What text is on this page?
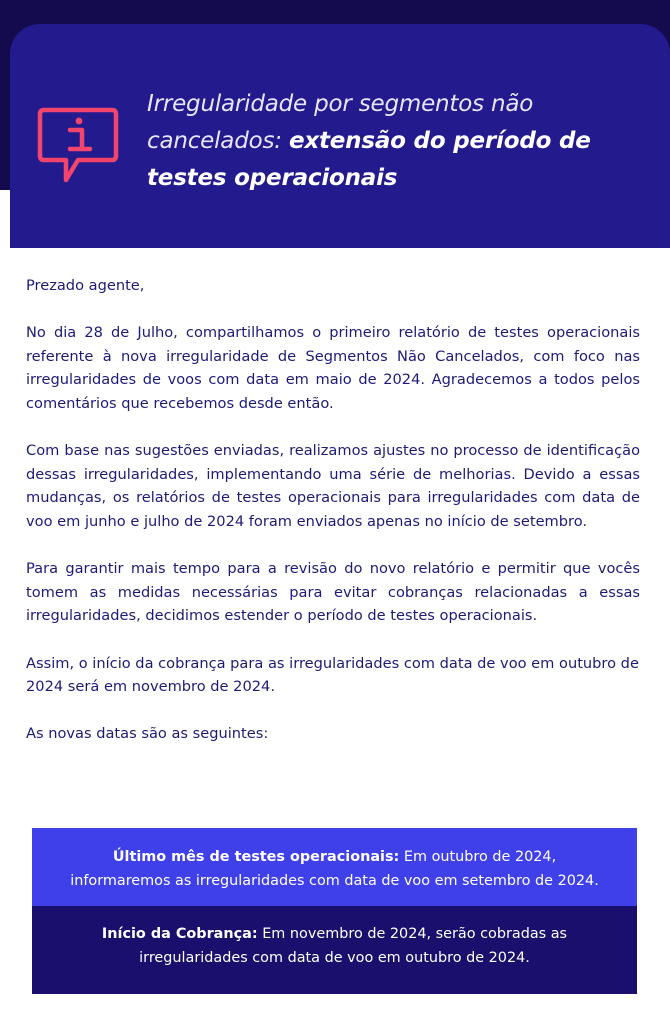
Irregularidade por segmentos não cancelados: extensão do período de testes operacionais

Prezado agente,

No dia 28 de Julho, compartilhamos o primeiro relatório de testes operacionais referente à nova irregularidade de Segmentos Não Cancelados, com foco nas irregularidades de voos com data em maio de 2024. Agradecemos a todos pelos comentários que recebemos desde então.

Com base nas sugestões enviadas, realizamos ajustes no processo de identificação dessas irregularidades, implementando uma série de melhorias. Devido a essas mudanças, os relatórios de testes operacionais para irregularidades com data de voo em junho e julho de 2024 foram enviados apenas no início de setembro.

Para garantir mais tempo para a revisão do novo relatório e permitir que vocês tomem as medidas necessárias para evitar cobranças relacionadas a essas irregularidades, decidimos estender o período de testes operacionais.

Assim, o início da cobrança para as irregularidades com data de voo em outubro de 2024 será em novembro de 2024.

As novas datas são as seguintes:

Último mês de testes operacionais: Em outubro de 2024, informaremos as irregularidades com data de voo em setembro de 2024.
Início da Cobrança: Em novembro de 2024, serão cobradas as irregularidades com data de voo em outubro de 2024.
